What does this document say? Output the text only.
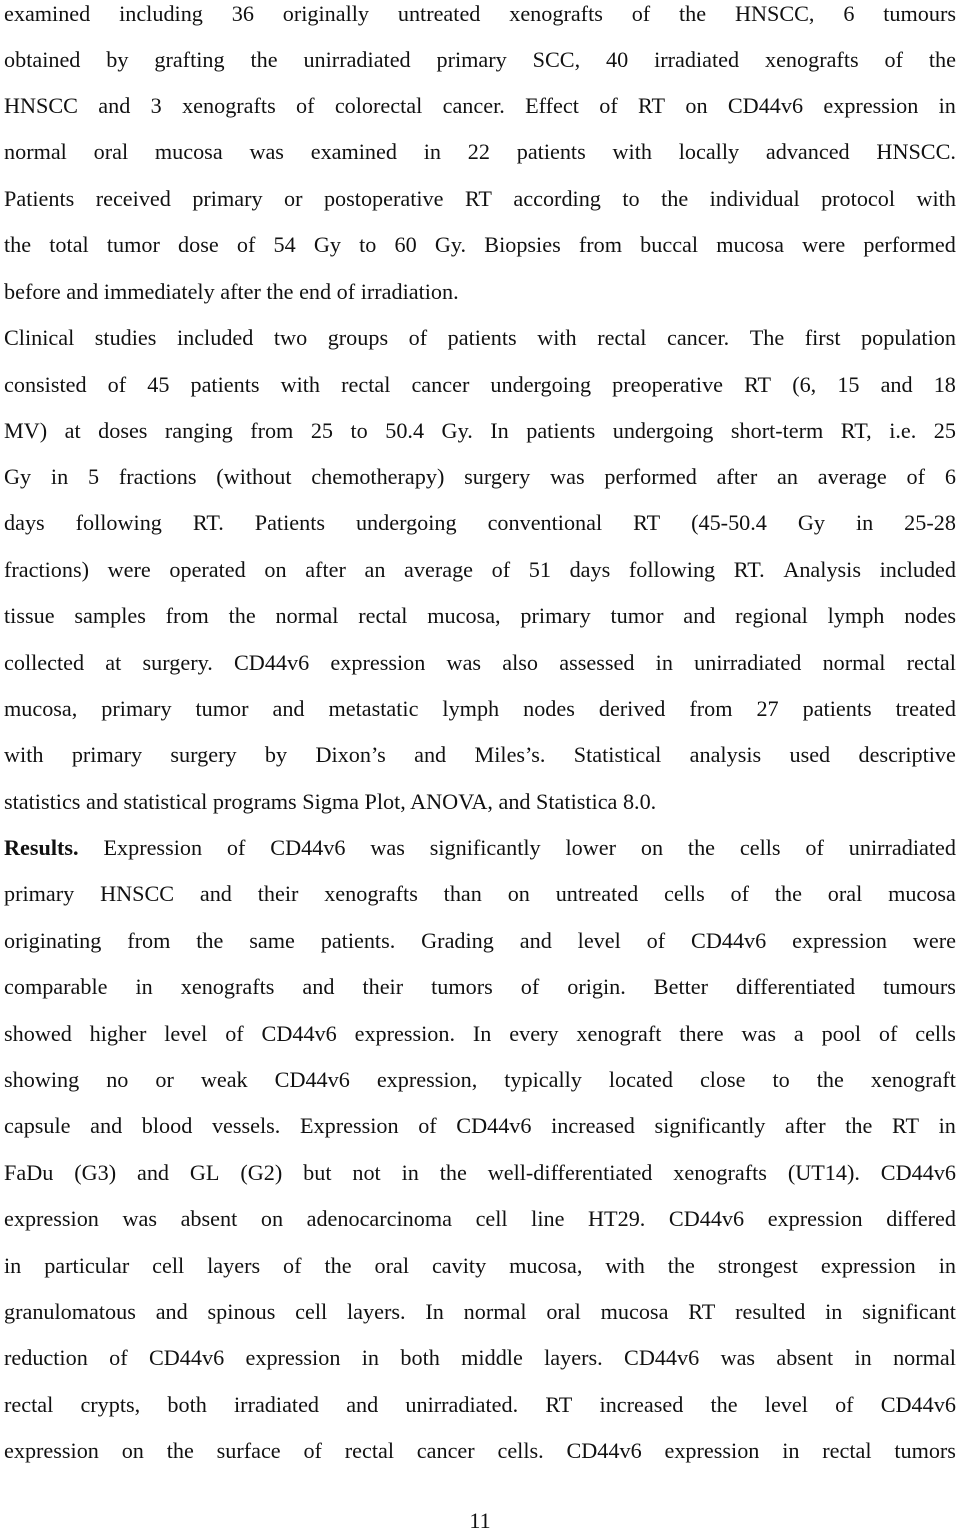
examined including 36 originally untreated xenografts of the HNSCC, 6 tumours
obtained by grafting the unirradiated primary SCC, 40 irradiated xenografts of the
HNSCC and 3 xenografts of colorectal cancer. Effect of RT on CD44v6 expression in
normal oral mucosa was examined in 22 patients with locally advanced HNSCC.
Patients received primary or postoperative RT according to the individual protocol with
the total tumor dose of 54 Gy to 60 Gy. Biopsies from buccal mucosa were performed
before and immediately after the end of irradiation.
Clinical studies included two groups of patients with rectal cancer. The first population
consisted of 45 patients with rectal cancer undergoing preoperative RT (6, 15 and 18
MV) at doses ranging from 25 to 50.4 Gy. In patients undergoing short-term RT, i.e. 25
Gy in 5 fractions (without chemotherapy) surgery was performed after an average of 6
days following RT. Patients undergoing conventional RT (45-50.4 Gy in 25-28
fractions) were operated on after an average of 51 days following RT. Analysis included
tissue samples from the normal rectal mucosa, primary tumor and regional lymph nodes
collected at surgery. CD44v6 expression was also assessed in unirradiated normal rectal
mucosa, primary tumor and metastatic lymph nodes derived from 27 patients treated
with primary surgery by Dixon’s and Miles’s. Statistical analysis used descriptive
statistics and statistical programs Sigma Plot, ANOVA, and Statistica 8.0.
Results. Expression of CD44v6 was significantly lower on the cells of unirradiated
primary HNSCC and their xenografts than on untreated cells of the oral mucosa
originating from the same patients. Grading and level of CD44v6 expression were
comparable in xenografts and their tumors of origin. Better differentiated tumours
showed higher level of CD44v6 expression. In every xenograft there was a pool of cells
showing no or weak CD44v6 expression, typically located close to the xenograft
capsule and blood vessels. Expression of CD44v6 increased significantly after the RT in
FaDu (G3) and GL (G2) but not in the well-differentiated xenografts (UT14). CD44v6
expression was absent on adenocarcinoma cell line HT29. CD44v6 expression differed
in particular cell layers of the oral cavity mucosa, with the strongest expression in
granulomatous and spinous cell layers. In normal oral mucosa RT resulted in significant
reduction of CD44v6 expression in both middle layers. CD44v6 was absent in normal
rectal crypts, both irradiated and unirradiated. RT increased the level of CD44v6
expression on the surface of rectal cancer cells. CD44v6 expression in rectal tumors
11
